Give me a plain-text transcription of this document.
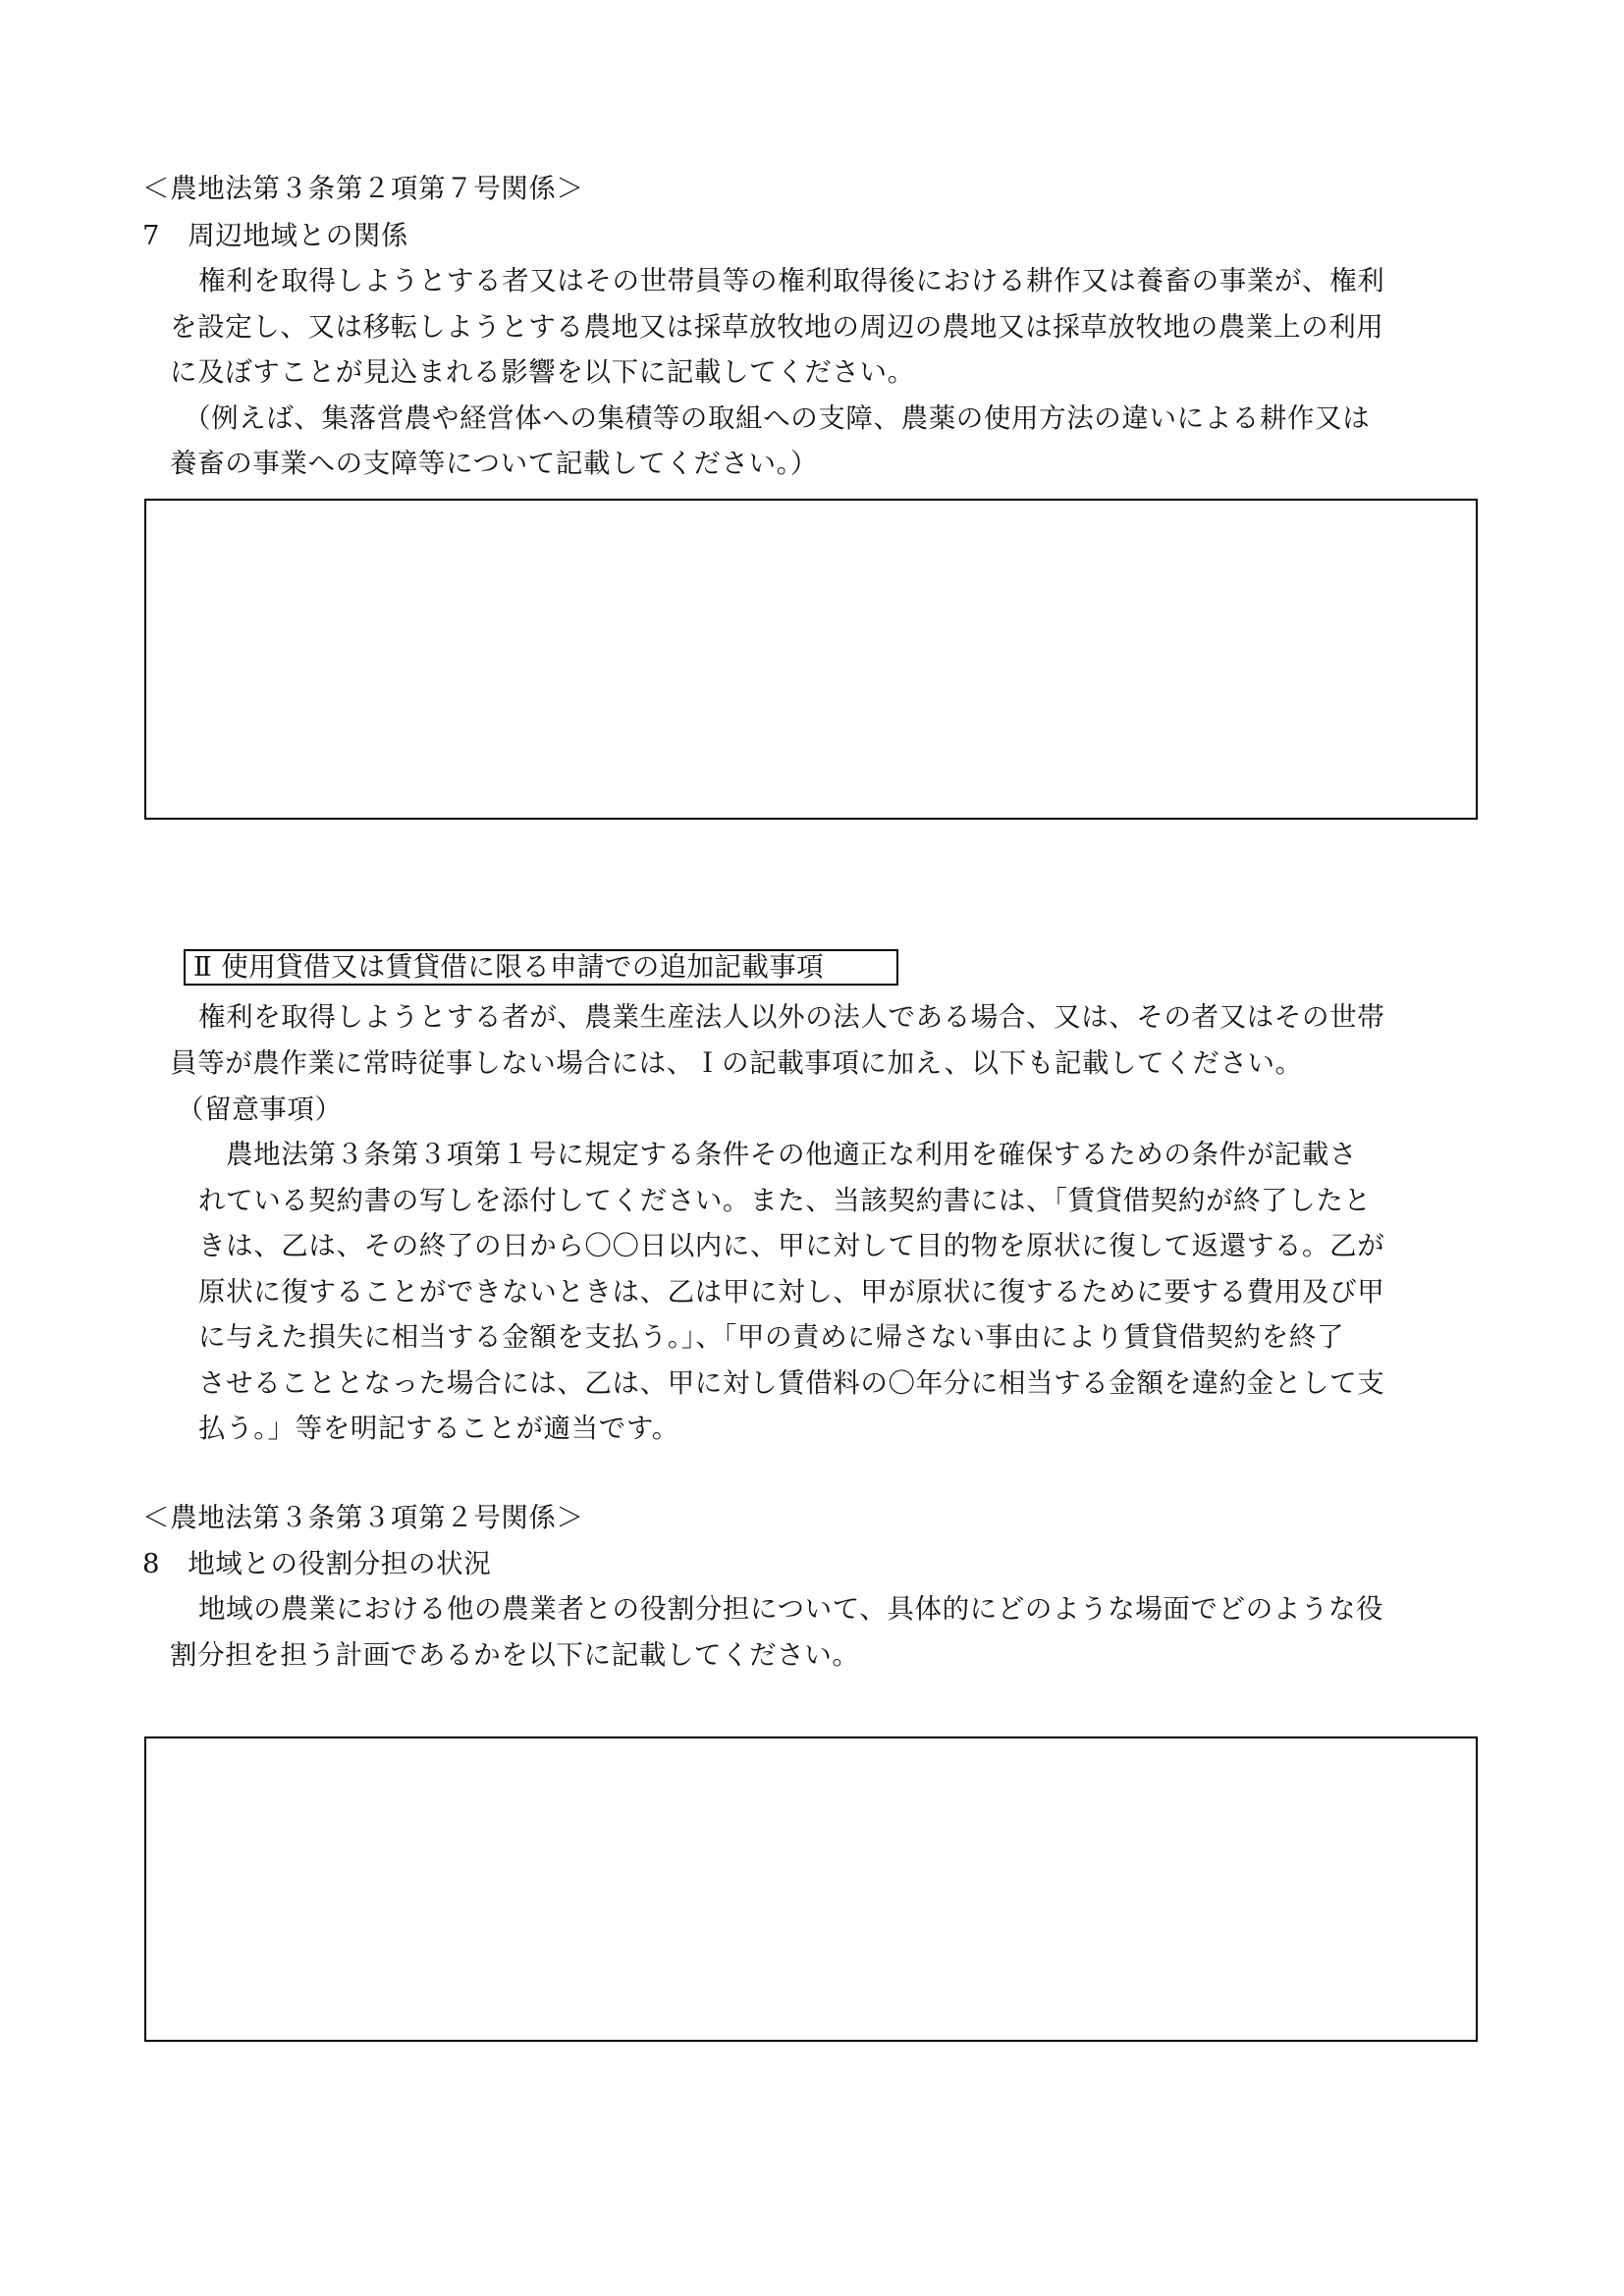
＜農地法第３条第２項第７号関係＞
7　周辺地域との関係
権利を取得しようとする者又はその世帯員等の権利取得後における耕作又は養畜の事業が、権利
を設定し、又は移転しようとする農地又は採草放牧地の周辺の農地又は採草放牧地の農業上の利用
に及ぼすことが見込まれる影響を以下に記載してください。
（例えば、集落営農や経営体への集積等の取組への支障、農薬の使用方法の違いによる耕作又は
養畜の事業への支障等について記載してください。）
Ⅱ 使用貸借又は賃貸借に限る申請での追加記載事項
権利を取得しようとする者が、農業生産法人以外の法人である場合、又は、その者又はその世帯
員等が農作業に常時従事しない場合には、Ｉの記載事項に加え、以下も記載してください。
（留意事項）
農地法第３条第３項第１号に規定する条件その他適正な利用を確保するための条件が記載さ
れている契約書の写しを添付してください。また、当該契約書には、「賃貸借契約が終了したと
きは、乙は、その終了の日から〇〇日以内に、甲に対して目的物を原状に復して返還する。乙が
原状に復することができないときは、乙は甲に対し、甲が原状に復するために要する費用及び甲
に与えた損失に相当する金額を支払う。」、「甲の責めに帰さない事由により賃貸借契約を終了
させることとなった場合には、乙は、甲に対し賃借料の〇年分に相当する金額を違約金として支
払う。」等を明記することが適当です。
＜農地法第３条第３項第２号関係＞
8　地域との役割分担の状況
地域の農業における他の農業者との役割分担について、具体的にどのような場面でどのような役
割分担を担う計画であるかを以下に記載してください。
